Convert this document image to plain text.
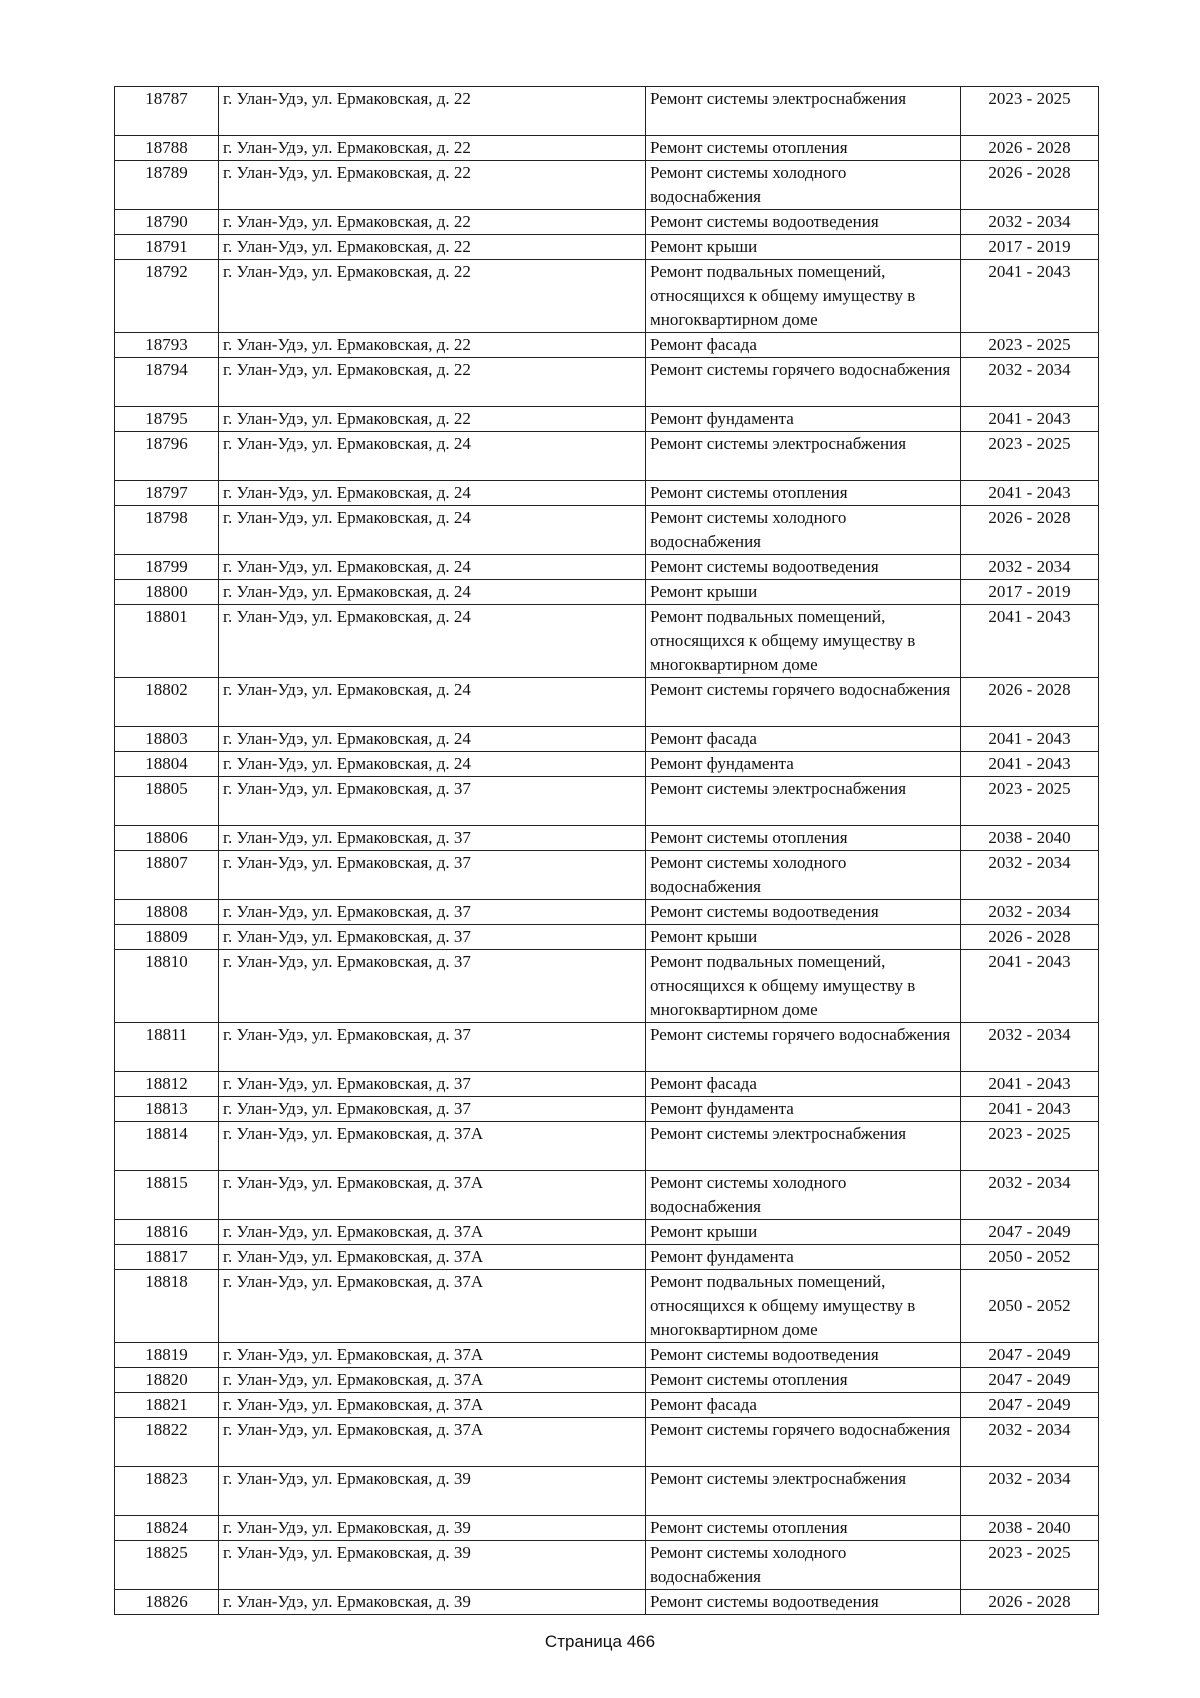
18787	г. Улан-Удэ, ул. Ермаковская, д. 22	Ремонт системы электроснабжения	2023 - 2025
18788	г. Улан-Удэ, ул. Ермаковская, д. 22	Ремонт системы отопления	2026 - 2028
18789	г. Улан-Удэ, ул. Ермаковская, д. 22	Ремонт системы холодного водоснабжения	2026 - 2028
18790	г. Улан-Удэ, ул. Ермаковская, д. 22	Ремонт системы водоотведения	2032 - 2034
18791	г. Улан-Удэ, ул. Ермаковская, д. 22	Ремонт крыши	2017 - 2019
18792	г. Улан-Удэ, ул. Ермаковская, д. 22	Ремонт подвальных помещений, относящихся к общему имуществу в многоквартирном доме	2041 - 2043
18793	г. Улан-Удэ, ул. Ермаковская, д. 22	Ремонт фасада	2023 - 2025
18794	г. Улан-Удэ, ул. Ермаковская, д. 22	Ремонт системы горячего водоснабжения	2032 - 2034
18795	г. Улан-Удэ, ул. Ермаковская, д. 22	Ремонт фундамента	2041 - 2043
18796	г. Улан-Удэ, ул. Ермаковская, д. 24	Ремонт системы электроснабжения	2023 - 2025
18797	г. Улан-Удэ, ул. Ермаковская, д. 24	Ремонт системы отопления	2041 - 2043
18798	г. Улан-Удэ, ул. Ермаковская, д. 24	Ремонт системы холодного водоснабжения	2026 - 2028
18799	г. Улан-Удэ, ул. Ермаковская, д. 24	Ремонт системы водоотведения	2032 - 2034
18800	г. Улан-Удэ, ул. Ермаковская, д. 24	Ремонт крыши	2017 - 2019
18801	г. Улан-Удэ, ул. Ермаковская, д. 24	Ремонт подвальных помещений, относящихся к общему имуществу в многоквартирном доме	2041 - 2043
18802	г. Улан-Удэ, ул. Ермаковская, д. 24	Ремонт системы горячего водоснабжения	2026 - 2028
18803	г. Улан-Удэ, ул. Ермаковская, д. 24	Ремонт фасада	2041 - 2043
18804	г. Улан-Удэ, ул. Ермаковская, д. 24	Ремонт фундамента	2041 - 2043
18805	г. Улан-Удэ, ул. Ермаковская, д. 37	Ремонт системы электроснабжения	2023 - 2025
18806	г. Улан-Удэ, ул. Ермаковская, д. 37	Ремонт системы отопления	2038 - 2040
18807	г. Улан-Удэ, ул. Ермаковская, д. 37	Ремонт системы холодного водоснабжения	2032 - 2034
18808	г. Улан-Удэ, ул. Ермаковская, д. 37	Ремонт системы водоотведения	2032 - 2034
18809	г. Улан-Удэ, ул. Ермаковская, д. 37	Ремонт крыши	2026 - 2028
18810	г. Улан-Удэ, ул. Ермаковская, д. 37	Ремонт подвальных помещений, относящихся к общему имуществу в многоквартирном доме	2041 - 2043
18811	г. Улан-Удэ, ул. Ермаковская, д. 37	Ремонт системы горячего водоснабжения	2032 - 2034
18812	г. Улан-Удэ, ул. Ермаковская, д. 37	Ремонт фасада	2041 - 2043
18813	г. Улан-Удэ, ул. Ермаковская, д. 37	Ремонт фундамента	2041 - 2043
18814	г. Улан-Удэ, ул. Ермаковская, д. 37А	Ремонт системы электроснабжения	2023 - 2025
18815	г. Улан-Удэ, ул. Ермаковская, д. 37А	Ремонт системы холодного водоснабжения	2032 - 2034
18816	г. Улан-Удэ, ул. Ермаковская, д. 37А	Ремонт крыши	2047 - 2049
18817	г. Улан-Удэ, ул. Ермаковская, д. 37А	Ремонт фундамента	2050 - 2052
18818	г. Улан-Удэ, ул. Ермаковская, д. 37А	Ремонт подвальных помещений, относящихся к общему имуществу в многоквартирном доме	2050 - 2052
18819	г. Улан-Удэ, ул. Ермаковская, д. 37А	Ремонт системы водоотведения	2047 - 2049
18820	г. Улан-Удэ, ул. Ермаковская, д. 37А	Ремонт системы отопления	2047 - 2049
18821	г. Улан-Удэ, ул. Ермаковская, д. 37А	Ремонт фасада	2047 - 2049
18822	г. Улан-Удэ, ул. Ермаковская, д. 37А	Ремонт системы горячего водоснабжения	2032 - 2034
18823	г. Улан-Удэ, ул. Ермаковская, д. 39	Ремонт системы электроснабжения	2032 - 2034
18824	г. Улан-Удэ, ул. Ермаковская, д. 39	Ремонт системы отопления	2038 - 2040
18825	г. Улан-Удэ, ул. Ермаковская, д. 39	Ремонт системы холодного водоснабжения	2023 - 2025
18826	г. Улан-Удэ, ул. Ермаковская, д. 39	Ремонт системы водоотведения	2026 - 2028
Страница 466
